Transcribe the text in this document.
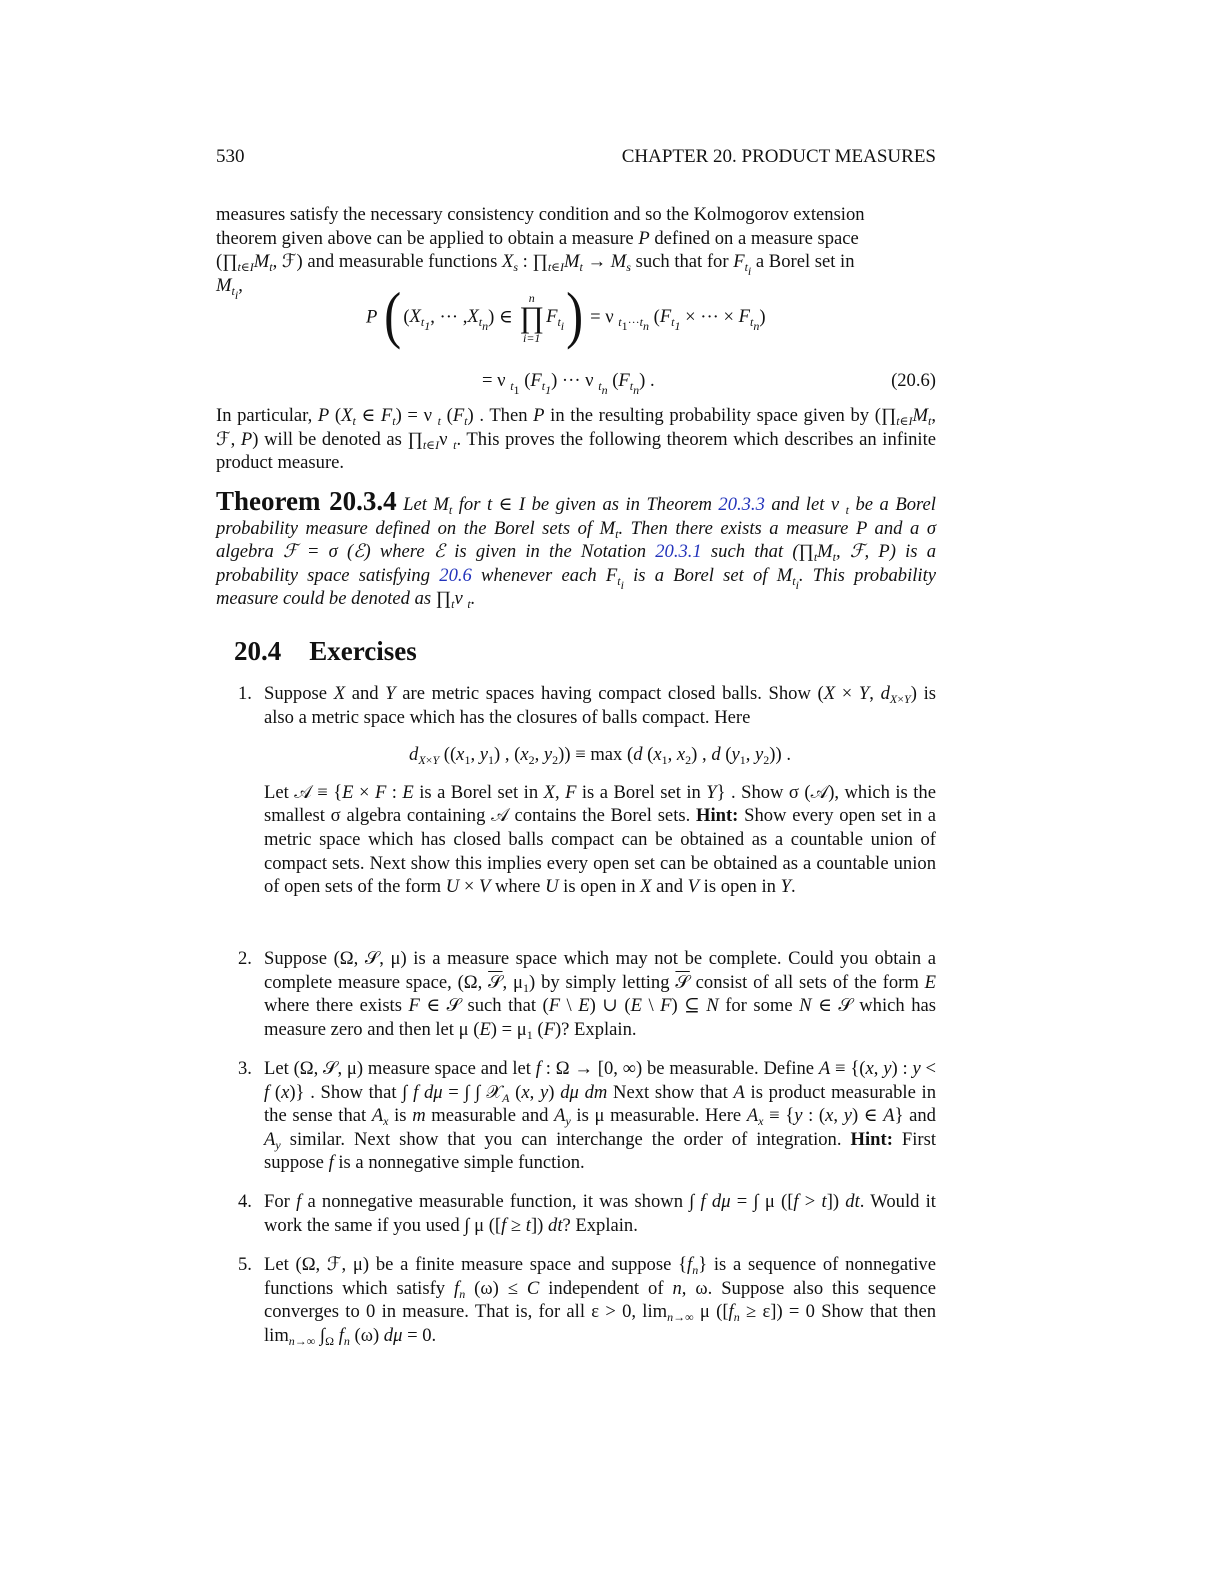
530	CHAPTER 20. PRODUCT MEASURES

measures satisfy the necessary consistency condition and so the Kolmogorov extension

theorem given above can be applied to obtain a measure P defined on a measure space

($\prod_{t\in I}M_t$, ℱ) and measurable functions $X_s$ : $\prod_{t\in I}M_t \to M_s$ such that for $F_{t_i}$ a Borel set in

$M_{t_i}$,

P ( ($X_{t_1}$, ··· $,X_{t_n}$) ∈
n
∏
i=1
$F_{t_i}) = \nu$ $_{t_1\cdot\cdot\cdot t_n}$ ($F_{t_1}$ × ··· × $F_{t_n}$)
= ν $_{t_1}$ $(F_{t_1})$ ··· ν $_{t_n}$ $(F_{t_n})$ .	(20.6)

In particular, P ($X_t$ ∈ $F_t) = \nu$ $_t$ $(F_t)$ . Then P in the resulting probability space given by ($\prod_{t\in I}M_t$, ℱ, P) will be denoted as $\prod_{t\in I}\nu$ $_t$. This proves the following theorem which describes an infinite product measure.

Theorem 20.3.4 Let $M_t$ for t ∈ I be given as in Theorem 20.3.3 and let ν $_t$ be a Borel probability measure defined on the Borel sets of $M_t$. Then there exists a measure P and a σ algebra ℱ = σ (ℰ) where ℰ is given in the Notation 20.3.1 such that ($\prod_tM_t$, ℱ, P) is a probability space satisfying 20.6 whenever each $F_{t_i}$ is a Borel set of $M_{t_i}$. This probability measure could be denoted as $\prod_t\nu$ $_t$.

20.4 Exercises
1. Suppose X and Y are metric spaces having compact closed balls. Show (X × Y, $d_{X\times Y}$) is also a metric space which has the closures of balls compact. Here

$d_{X\times Y}$ (($x_1$, $y_1$) , ($x_2$, $y_2)) \equiv \max (d$ ($x_1$, $x_2$) , d ($y_1$, $y_2$)) .

Let 𝒜 ≡ {E × F : E is a Borel set in X, F is a Borel set in Y} . Show σ (𝒜), which is the smallest σ algebra containing 𝒜 contains the Borel sets. Hint: Show every open set in a metric space which has closed balls compact can be obtained as a countable union of compact sets. Next show this implies every open set can be obtained as a countable union of open sets of the form U × V where U is open in X and V is open in Y.

2. Suppose (Ω, 𝒮, μ) is a measure space which may not be complete. Could you obtain a complete measure space, (Ω, 𝒮, $\mu_1$) by simply letting 𝒮 consist of all sets of the form E where there exists F ∈ 𝒮 such that (F \ E) ∪ (E \ F) ⊆ N for some N ∈ 𝒮 which has measure zero and then let μ $(E) = \mu_1$ (F)? Explain.

3. Let (Ω, 𝒮, μ) measure space and let f : Ω → [0, ∞) be measurable. Define A ≡ {(x, y) : y < f (x)} . Show that ∫ f dμ = ∫ ∫ 𝒳$_A$ (x, y) dμ dm Next show that A is product measurable in the sense that $A_x$ is m measurable and $A_y$ is μ measurable. Here $A_x \equiv \{y$ : (x, y) ∈ A} and $A_y$ similar. Next show that you can interchange the order of integration. Hint: First suppose f is a nonnegative simple function.

4. For f a nonnegative measurable function, it was shown ∫ f dμ = ∫ μ ([f > t]) dt. Would it work the same if you used ∫ μ ([f ≥ t]) dt? Explain.

5. Let (Ω, ℱ, μ) be a finite measure space and suppose $\{f_n\}$ is a sequence of nonnegative functions which satisfy $f_n$ (ω) ≤ C independent of n, ω. Suppose also this sequence converges to 0 in measure. That is, for all ε > 0, $\lim_{n\to\infty} \mu$ $([f_n \ge \varepsilon]) = 0$ Show that then $\lim_{n\to\infty} \int_\Omega$ $f_n$ (ω) dμ = 0.
